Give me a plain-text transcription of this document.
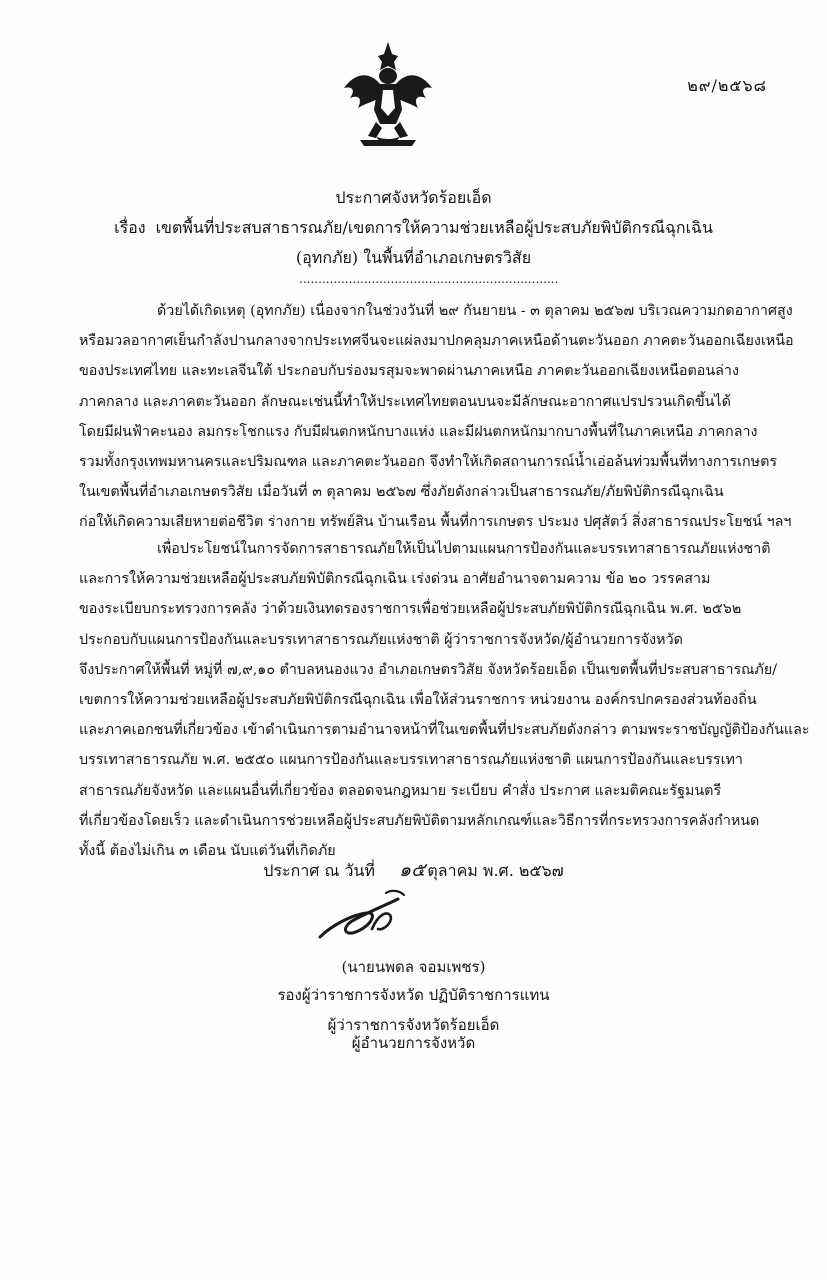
๒๙/๒๕๖๘
ประกาศจังหวัดร้อยเอ็ด
เรื่อง เขตพื้นที่ประสบสาธารณภัย/เขตการให้ความช่วยเหลือผู้ประสบภัยพิบัติกรณีฉุกเฉิน
(อุทกภัย) ในพื้นที่อำเภอเกษตรวิสัย
....................................................................
ด้วยได้เกิดเหตุ (อุทกภัย) เนื่องจากในช่วงวันที่ ๒๙ กันยายน - ๓ ตุลาคม ๒๕๖๗ บริเวณความกดอากาศสูง
หรือมวลอากาศเย็นกำลังปานกลางจากประเทศจีนจะแผ่ลงมาปกคลุมภาคเหนือด้านตะวันออก ภาคตะวันออกเฉียงเหนือ
ของประเทศไทย และทะเลจีนใต้ ประกอบกับร่องมรสุมจะพาดผ่านภาคเหนือ ภาคตะวันออกเฉียงเหนือตอนล่าง
ภาคกลาง และภาคตะวันออก ลักษณะเช่นนี้ทำให้ประเทศไทยตอนบนจะมีลักษณะอากาศแปรปรวนเกิดขึ้นได้
โดยมีฝนฟ้าคะนอง ลมกระโชกแรง กับมีฝนตกหนักบางแห่ง และมีฝนตกหนักมากบางพื้นที่ในภาคเหนือ ภาคกลาง
รวมทั้งกรุงเทพมหานครและปริมณฑล และภาคตะวันออก จึงทำให้เกิดสถานการณ์น้ำเอ่อล้นท่วมพื้นที่ทางการเกษตร
ในเขตพื้นที่อำเภอเกษตรวิสัย เมื่อวันที่ ๓ ตุลาคม ๒๕๖๗ ซึ่งภัยดังกล่าวเป็นสาธารณภัย/ภัยพิบัติกรณีฉุกเฉิน
ก่อให้เกิดความเสียหายต่อชีวิต ร่างกาย ทรัพย์สิน บ้านเรือน พื้นที่การเกษตร ประมง ปศุสัตว์ สิ่งสาธารณประโยชน์ ฯลฯ
เพื่อประโยชน์ในการจัดการสาธารณภัยให้เป็นไปตามแผนการป้องกันและบรรเทาสาธารณภัยแห่งชาติ
และการให้ความช่วยเหลือผู้ประสบภัยพิบัติกรณีฉุกเฉิน เร่งด่วน อาศัยอำนาจตามความ ข้อ ๒๐ วรรคสาม
ของระเบียบกระทรวงการคลัง ว่าด้วยเงินทดรองราชการเพื่อช่วยเหลือผู้ประสบภัยพิบัติกรณีฉุกเฉิน พ.ศ. ๒๕๖๒
ประกอบกับแผนการป้องกันและบรรเทาสาธารณภัยแห่งชาติ ผู้ว่าราชการจังหวัด/ผู้อำนวยการจังหวัด
จึงประกาศให้พื้นที่ หมู่ที่ ๗,๙,๑๐ ตำบลหนองแวง อำเภอเกษตรวิสัย จังหวัดร้อยเอ็ด เป็นเขตพื้นที่ประสบสาธารณภัย/
เขตการให้ความช่วยเหลือผู้ประสบภัยพิบัติกรณีฉุกเฉิน เพื่อให้ส่วนราชการ หน่วยงาน องค์กรปกครองส่วนท้องถิ่น
และภาคเอกชนที่เกี่ยวข้อง เข้าดำเนินการตามอำนาจหน้าที่ในเขตพื้นที่ประสบภัยดังกล่าว ตามพระราชบัญญัติป้องกันและ
บรรเทาสาธารณภัย พ.ศ. ๒๕๕๐ แผนการป้องกันและบรรเทาสาธารณภัยแห่งชาติ แผนการป้องกันและบรรเทา
สาธารณภัยจังหวัด และแผนอื่นที่เกี่ยวข้อง ตลอดจนกฎหมาย ระเบียบ คำสั่ง ประกาศ และมติคณะรัฐมนตรี
ที่เกี่ยวข้องโดยเร็ว และดำเนินการช่วยเหลือผู้ประสบภัยพิบัติตามหลักเกณฑ์และวิธีการที่กระทรวงการคลังกำหนด
ทั้งนี้ ต้องไม่เกิน ๓ เดือน นับแต่วันที่เกิดภัย
ประกาศ ณ วันที่ ๑๕ ตุลาคม พ.ศ. ๒๕๖๗
(นายนพดล จอมเพชร)
รองผู้ว่าราชการจังหวัด ปฏิบัติราชการแทน
ผู้ว่าราชการจังหวัดร้อยเอ็ด
ผู้อำนวยการจังหวัด
